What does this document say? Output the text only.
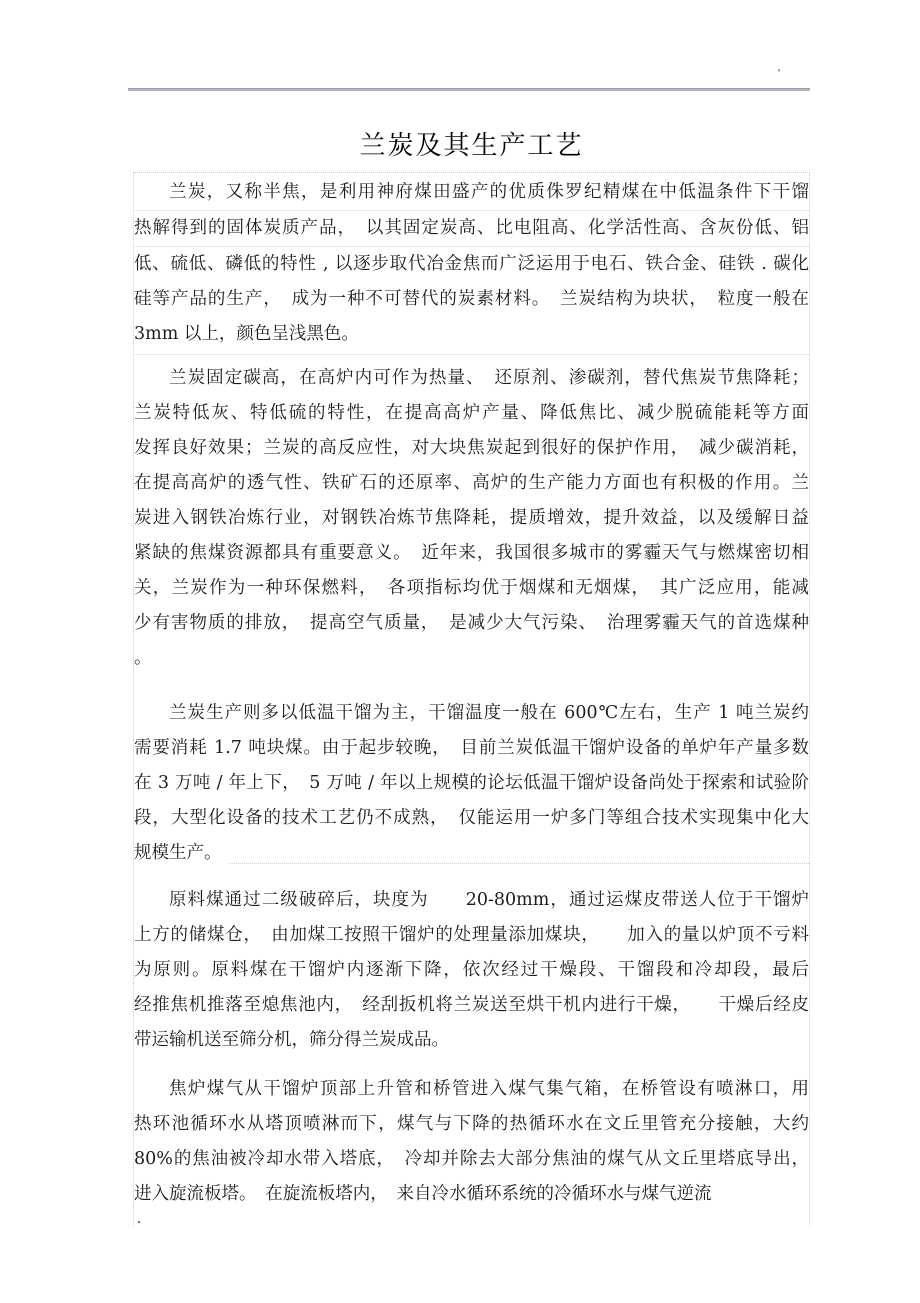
'
兰炭及其生产工艺
兰炭，又称半焦，是利用神府煤田盛产的优质侏罗纪精煤在中低温条件下干馏
热解得到的固体炭质产品，　以其固定炭高、比电阻高、化学活性高、含灰份低、铝
低、硫低、磷低的特性 , 以逐步取代冶金焦而广泛运用于电石、铁合金、硅铁 . 碳化
硅等产品的生产，　成为一种不可替代的炭素材料。　兰炭结构为块状，　粒度一般在
3mm 以上，颜色呈浅黑色。
兰炭固定碳高，在高炉内可作为热量、　还原剂、渗碳剂，替代焦炭节焦降耗；
兰炭特低灰、特低硫的特性，在提高高炉产量、降低焦比、减少脱硫能耗等方面
发挥良好效果；兰炭的高反应性，对大块焦炭起到很好的保护作用，　减少碳消耗，
在提高高炉的透气性、铁矿石的还原率、高炉的生产能力方面也有积极的作用。兰
炭进入钢铁冶炼行业，对钢铁冶炼节焦降耗，提质增效，提升效益，以及缓解日益
紧缺的焦煤资源都具有重要意义。　近年来，我国很多城市的雾霾天气与燃煤密切相
关，兰炭作为一种环保燃料，　各项指标均优于烟煤和无烟煤，　其广泛应用，能减
少有害物质的排放，　提高空气质量，　是减少大气污染、　治理雾霾天气的首选煤种
。
兰炭生产则多以低温干馏为主，干馏温度一般在 600℃左右，生产 1 吨兰炭约
需要消耗 1.7 吨块煤。由于起步较晚，　目前兰炭低温干馏炉设备的单炉年产量多数
在 3 万吨 / 年上下，　5 万吨 / 年以上规模的论坛低温干馏炉设备尚处于探索和试验阶
段，大型化设备的技术工艺仍不成熟，　仅能运用一炉多门等组合技术实现集中化大
规模生产。
原料煤通过二级破碎后，块度为　　20-80mm，通过运煤皮带送人位于干馏炉
上方的储煤仓，　由加煤工按照干馏炉的处理量添加煤块，　　加入的量以炉顶不亏料
为原则。原料煤在干馏炉内逐渐下降，依次经过干燥段、干馏段和冷却段，最后
经推焦机推落至熄焦池内，　经刮扳机将兰炭送至烘干机内进行干燥，　　干燥后经皮
带运输机送至筛分机，筛分得兰炭成品。
焦炉煤气从干馏炉顶部上升管和桥管进入煤气集气箱，在桥管设有喷淋口，用
热环池循环水从塔顶喷淋而下，煤气与下降的热循环水在文丘里管充分接触，大约
80%的焦油被冷却水带入塔底，　冷却并除去大部分焦油的煤气从文丘里塔底导出，
进入旋流板塔。　在旋流板塔内，　来自冷水循环系统的冷循环水与煤气逆流
.
